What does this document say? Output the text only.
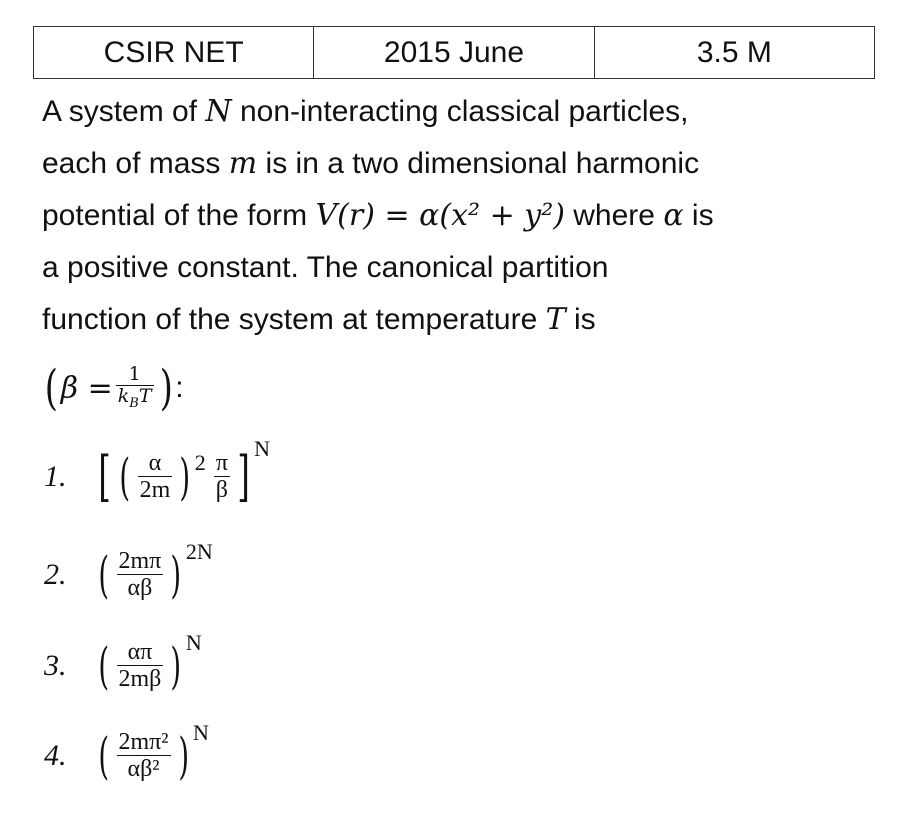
CSIR NET	2015 June	3.5 M
A system of N non-interacting classical particles,
each of mass m is in a two dimensional harmonic
potential of the form V(r) = α(x² + y²) where α is
a positive constant. The canonical partition
function of the system at temperature T is
( $\beta = \frac{1}{k_BT}$ ) :
1. [ ( $\frac{\alpha}{2m}$ ) $2 \frac{\pi}{\beta}$ ] N
2. ( $\frac{2m\pi}{\alpha\beta}$ ) 2N
3. ( $\frac{\alpha\pi}{2m\beta}$ ) N
4. ( $\frac{\text{2mπ²}}{\text{αβ²}}$ ) N
